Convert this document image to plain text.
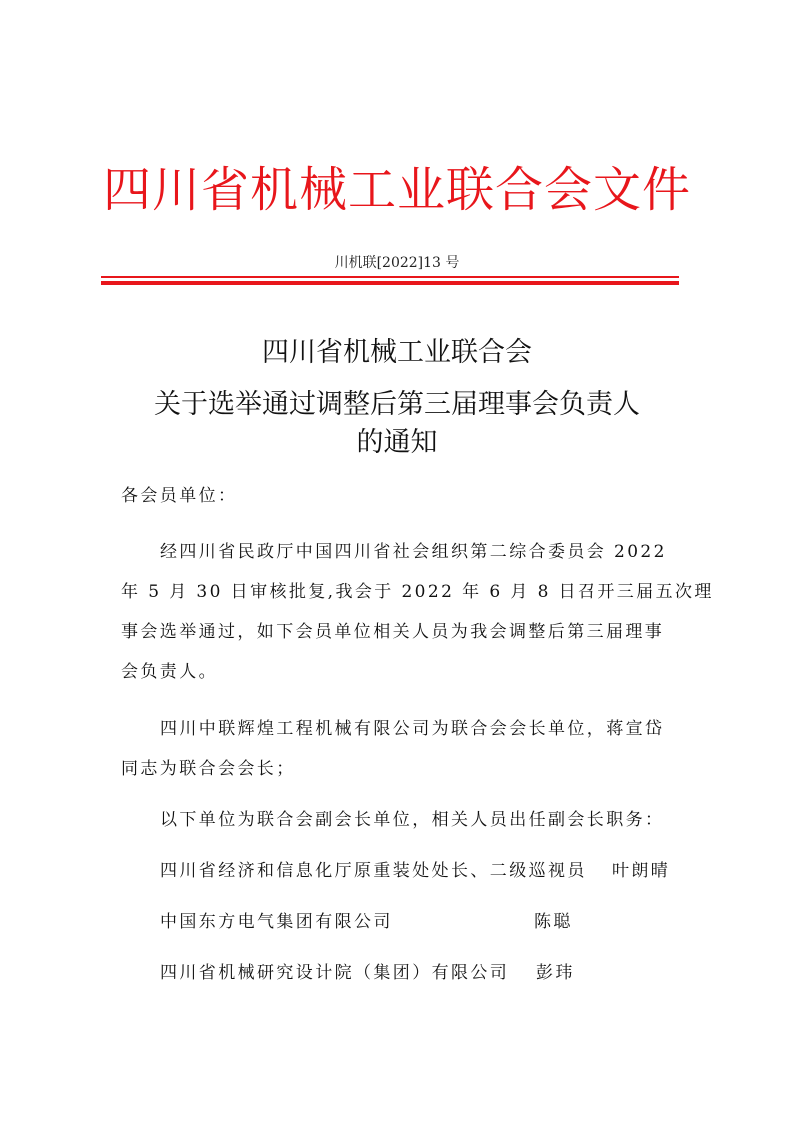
四川省机械工业联合会文件
川机联[2022]13 号
四川省机械工业联合会
关于选举通过调整后第三届理事会负责人
的通知
各会员单位：
经四川省民政厅中国四川省社会组织第二综合委员会 2022
年 5 月 30 日审核批复,我会于 2022 年 6 月 8 日召开三届五次理
事会选举通过，如下会员单位相关人员为我会调整后第三届理事
会负责人。
四川中联辉煌工程机械有限公司为联合会会长单位，蒋宣岱
同志为联合会会长；
以下单位为联合会副会长单位，相关人员出任副会长职务：
四川省经济和信息化厅原重装处处长、二级巡视员 叶朗晴
中国东方电气集团有限公司	陈聪
四川省机械研究设计院（集团）有限公司 彭玮
